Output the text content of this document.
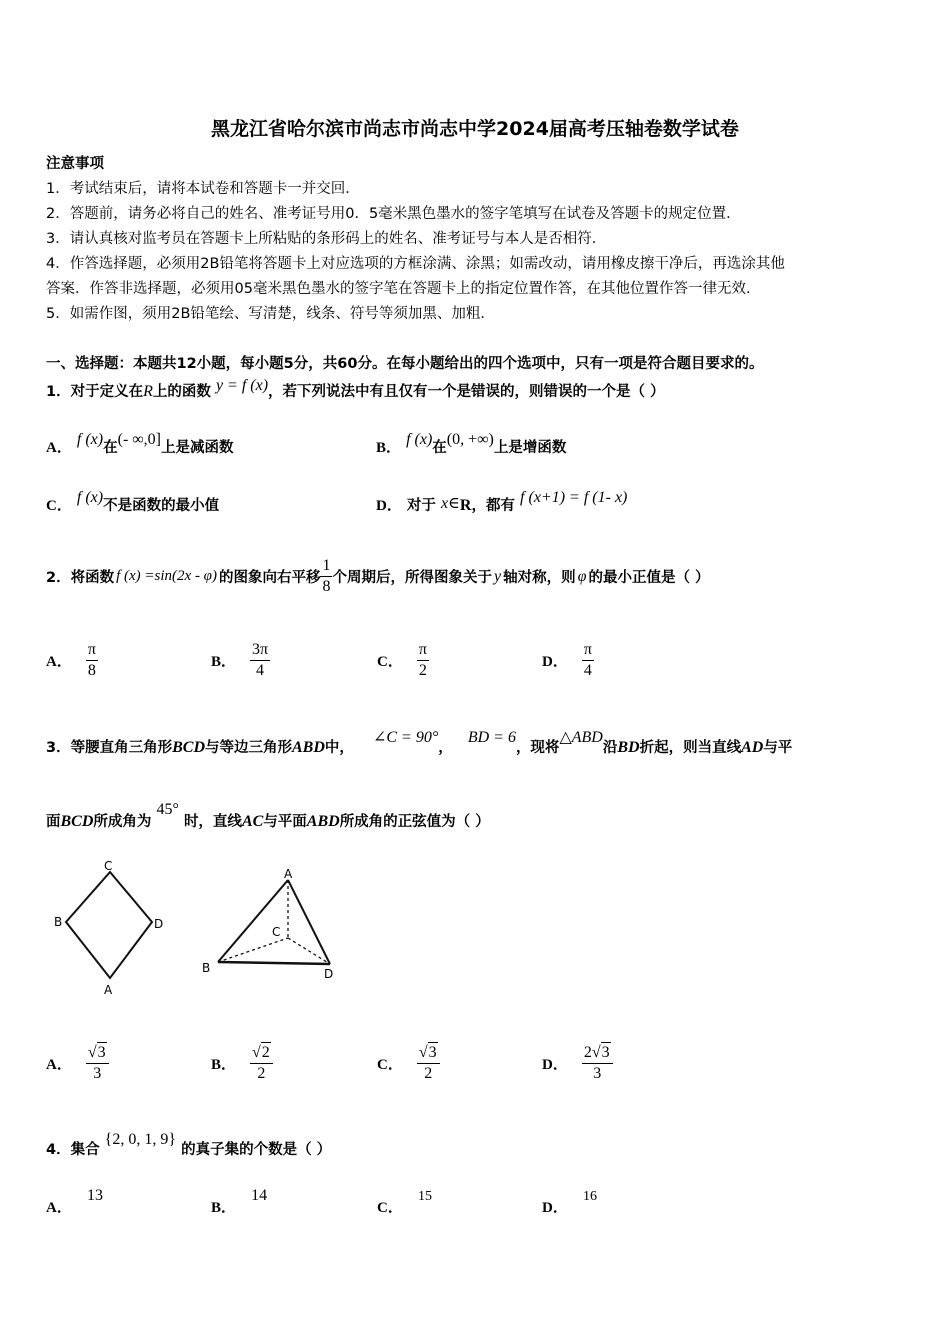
黑龙江省哈尔滨市尚志市尚志中学2024届高考压轴卷数学试卷
注意事项
1．考试结束后，请将本试卷和答题卡一并交回．
2．答题前，请务必将自己的姓名、准考证号用0．5毫米黑色墨水的签字笔填写在试卷及答题卡的规定位置．
3．请认真核对监考员在答题卡上所粘贴的条形码上的姓名、准考证号与本人是否相符．
4．作答选择题，必须用2B铅笔将答题卡上对应选项的方框涂满、涂黑；如需改动，请用橡皮擦干净后，再选涂其他
答案．作答非选择题，必须用05毫米黑色墨水的签字笔在答题卡上的指定位置作答，在其他位置作答一律无效．
5．如需作图，须用2B铅笔绘、写清楚，线条、符号等须加黑、加粗．
一、选择题：本题共12小题，每小题5分，共60分。在每小题给出的四个选项中，只有一项是符合题目要求的。
1．对于定义在R上的函数 y = f (x)，若下列说法中有且仅有一个是错误的，则错误的一个是（ ）
A． f (x)在(- ∞,0]上是减函数	B． f (x)在(0, +∞)上是增函数
C． f (x)不是函数的最小值	D． 对于 x∈R，都有 f (x+1) = f (1- x)
2．将函数 f (x) =sin(2x - φ) 的图象向右平移 $\frac{1}{8}$ 个周期后，所得图象关于 y 轴对称，则 φ 的最小正值是（ ）
A． $\frac{\pi}{8}$	B． $\frac{3\pi}{4}$	C． $\frac{\pi}{2}$	D． $\frac{\pi}{4}$
3．等腰直角三角形BCD与等边三角形ABD中， ∠C = 90°， BD = 6，现将△ABD沿BD折起，则当直线AD与平
面BCD所成角为 45° 时，直线AC与平面ABD所成角的正弦值为（ ）
C
B	D
A
A
C
B	D
A． $\frac{√3}{3}$	B． $\frac{√2}{2}$	C． $\frac{√3}{2}$	D． $\frac{2√3}{3}$
4．集合 {2, 0, 1, 9} 的真子集的个数是（ ）
A． 13
B． 14
C． 15
D． 16
